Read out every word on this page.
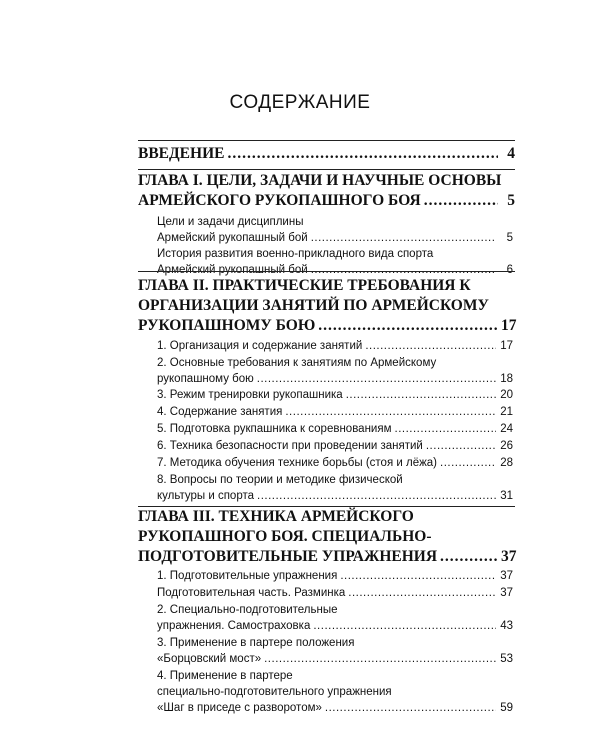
СОДЕРЖАНИЕ
ВВЕДЕНИЕ .....	4
ГЛАВА I. ЦЕЛИ, ЗАДАЧИ И НАУЧНЫЕ ОСНОВЫ
АРМЕЙСКОГО РУКОПАШНОГО БОЯ .....	5
Цели и задачи дисциплины
Армейский рукопашный бой .....	5
История развития военно-прикладного вида спорта
Армейский рукопашный бой .....	6
ГЛАВА II. ПРАКТИЧЕСКИЕ ТРЕБОВАНИЯ К
ОРГАНИЗАЦИИ ЗАНЯТИЙ ПО АРМЕЙСКОМУ
РУКОПАШНОМУ БОЮ .....	17
1. Организация и содержание занятий .....	17
2. Основные требования к занятиям по Армейскому
рукопашному бою .....	18
3. Режим тренировки рукопашника .....	20
4. Содержание занятия .....	21
5. Подготовка рукпашника к соревнованиям .....	24
6. Техника безопасности при проведении занятий .....	26
7. Методика обучения технике борьбы (стоя и лёжа) .....	28
8. Вопросы по теории и методике физической
культуры и спорта .....	31
ГЛАВА III. ТЕХНИКА АРМЕЙСКОГО
РУКОПАШНОГО БОЯ. СПЕЦИАЛЬНО-
ПОДГОТОВИТЕЛЬНЫЕ УПРАЖНЕНИЯ .....	37
1. Подготовительные упражнения .....	37
Подготовительная часть. Разминка .....	37
2. Специально-подготовительные
упражнения. Самостраховка .....	43
3. Применение в партере положения
«Борцовский мост» .....	53
4. Применение в партере
специально-подготовительного упражнения
«Шаг в приседе с разворотом» .....	59
